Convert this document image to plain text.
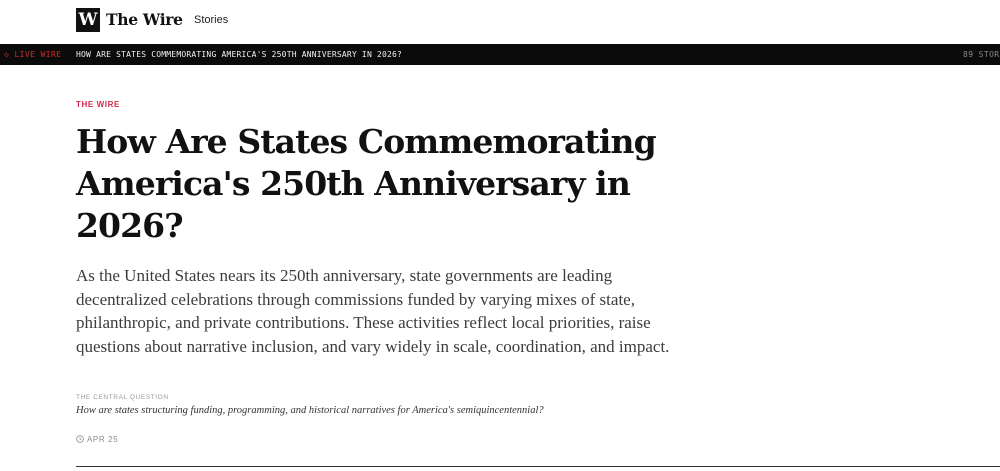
W The Wire Stories
◇ LIVE WIRE HOW ARE STATES COMMEMORATING AMERICA'S 250TH ANNIVERSARY IN 2026?	89 STOR
THE WIRE
How Are States Commemorating America's 250th Anniversary in 2026?

As the United States nears its 250th anniversary, state governments are leading decentralized celebrations through commissions funded by varying mixes of state, philanthropic, and private contributions. These activities reflect local priorities, raise questions about narrative inclusion, and vary widely in scale, coordination, and impact.

THE CENTRAL QUESTION
How are states structuring funding, programming, and historical narratives for America's semiquincentennial?
APR 25
